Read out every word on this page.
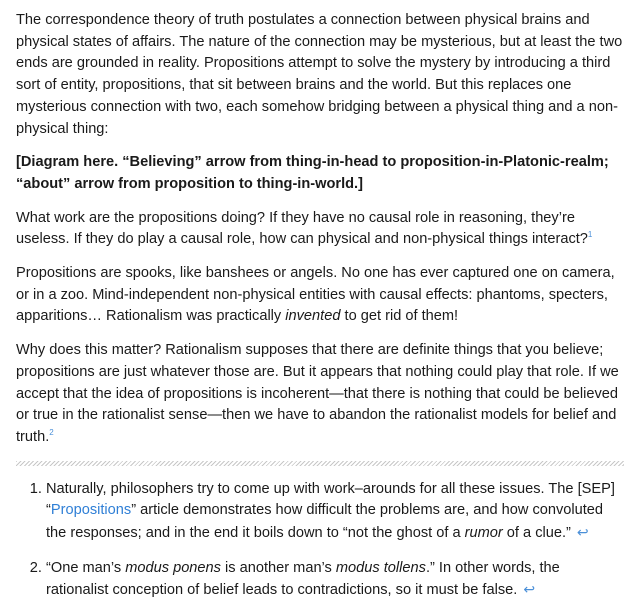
The correspondence theory of truth postulates a connection between physical brains and physical states of affairs. The nature of the connection may be mysterious, but at least the two ends are grounded in reality. Propositions attempt to solve the mystery by introducing a third sort of entity, propositions, that sit between brains and the world. But this replaces one mysterious connection with two, each somehow bridging between a physical thing and a non-physical thing:

[Diagram here. “Believing” arrow from thing-in-head to proposition-in-Platonic-realm; “about” arrow from proposition to thing-in-world.]

What work are the propositions doing? If they have no causal role in reasoning, they’re useless. If they do play a causal role, how can physical and non-physical things interact?$^1$

Propositions are spooks, like banshees or angels. No one has ever captured one on camera, or in a zoo. Mind-independent non-physical entities with causal effects: phantoms, specters, apparitions… Rationalism was practically invented to get rid of them!

Why does this matter? Rationalism supposes that there are definite things that you believe; propositions are just whatever those are. But it appears that nothing could play that role. If we accept that the idea of propositions is incoherent—that there is nothing that could be believed or true in the rationalist sense—then we have to abandon the rationalist models for belief and truth.$^2$

1. Naturally, philosophers try to come up with work–arounds for all these issues. The [SEP] “Propositions” article demonstrates how difficult the problems are, and how convoluted the responses; and in the end it boils down to “not the ghost of a rumor of a clue.” ↩
2. “One man’s modus ponens is another man’s modus tollens.” In other words, the rationalist conception of belief leads to contradictions, so it must be false. ↩
